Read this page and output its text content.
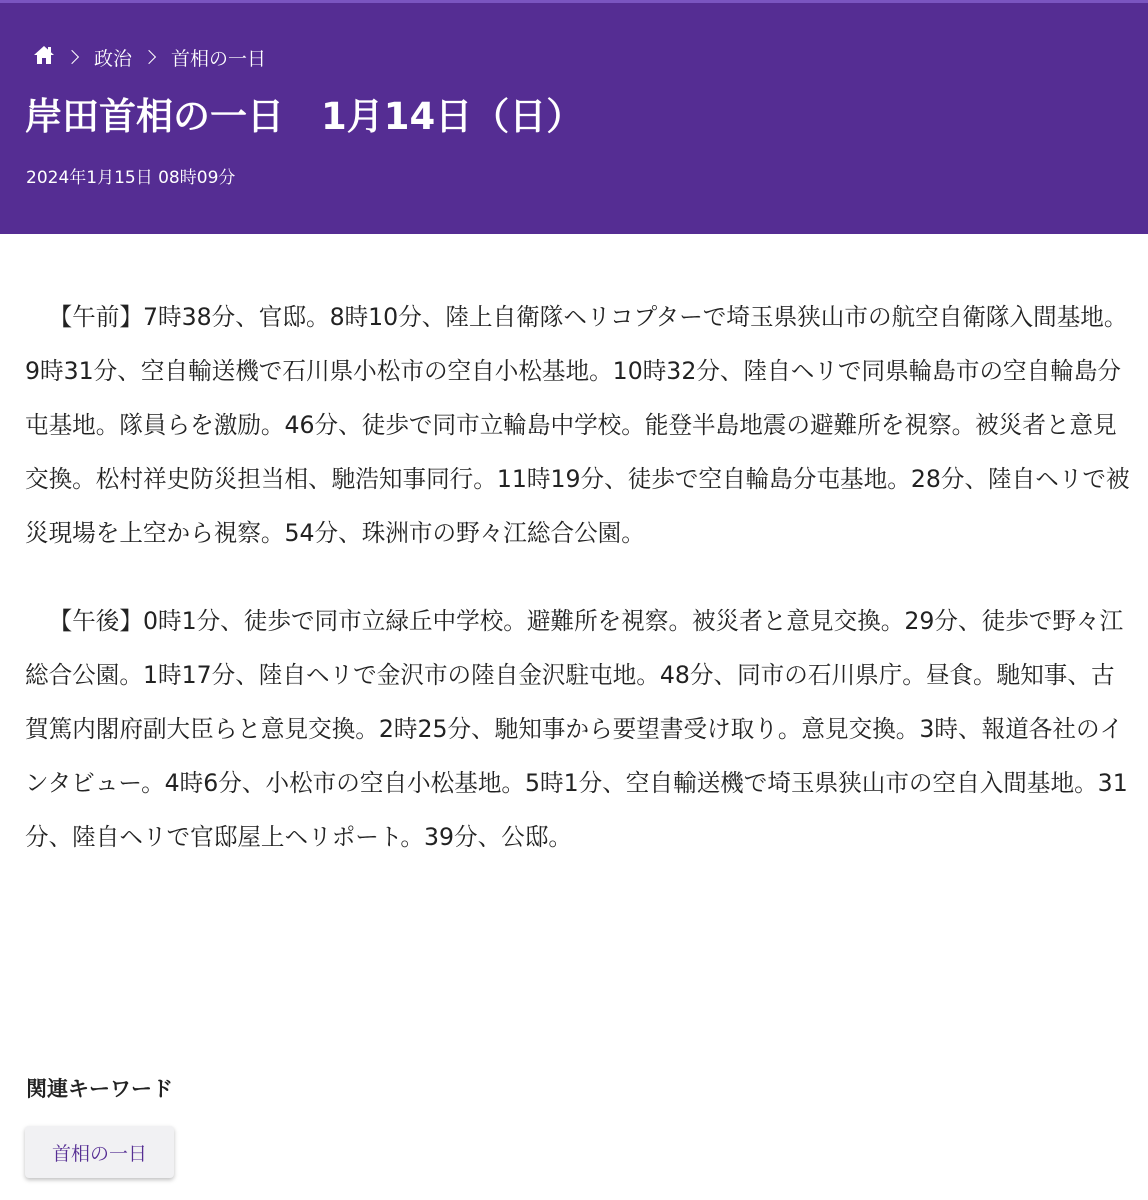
政治 首相の一日
岸田首相の一日　1月14日（日）
2024年1月15日 08時09分

【午前】7時38分、官邸。8時10分、陸上自衛隊ヘリコプターで埼玉県狭山市の航空自衛隊入間基地。9時31分、空自輸送機で石川県小松市の空自小松基地。10時32分、陸自ヘリで同県輪島市の空自輪島分屯基地。隊員らを激励。46分、徒歩で同市立輪島中学校。能登半島地震の避難所を視察。被災者と意見交換。松村祥史防災担当相、馳浩知事同行。11時19分、徒歩で空自輪島分屯基地。28分、陸自ヘリで被災現場を上空から視察。54分、珠洲市の野々江総合公園。

【午後】0時1分、徒歩で同市立緑丘中学校。避難所を視察。被災者と意見交換。29分、徒歩で野々江総合公園。1時17分、陸自ヘリで金沢市の陸自金沢駐屯地。48分、同市の石川県庁。昼食。馳知事、古賀篤内閣府副大臣らと意見交換。2時25分、馳知事から要望書受け取り。意見交換。3時、報道各社のインタビュー。4時6分、小松市の空自小松基地。5時1分、空自輸送機で埼玉県狭山市の空自入間基地。31分、陸自ヘリで官邸屋上ヘリポート。39分、公邸。

関連キーワード
首相の一日
